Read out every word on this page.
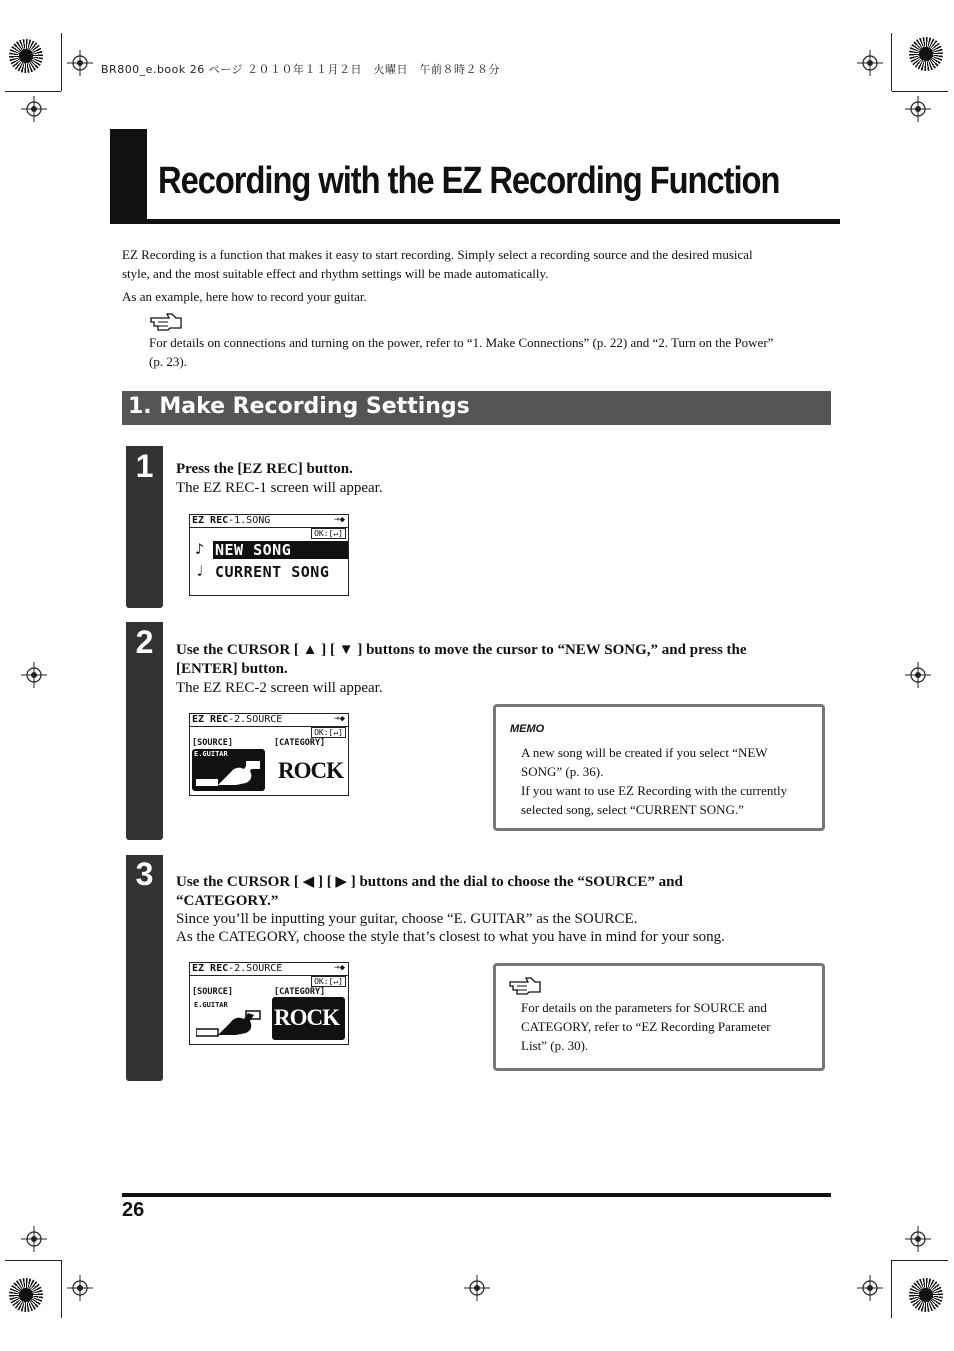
BR800_e.book 26 ページ ２０１０年１１月２日　火曜日　午前８時２８分
Recording with the EZ Recording Function
EZ Recording is a function that makes it easy to start recording. Simply select a recording source and the desired musical
style, and the most suitable effect and rhythm settings will be made automatically.
As an example, here how to record your guitar.
For details on connections and turning on the power, refer to “1. Make Connections” (p. 22) and “2. Turn on the Power”
(p. 23).
1. Make Recording Settings
1	Press the [EZ REC] button.
The EZ REC-1 screen will appear.
EZ REC-1.SONG	⊸◆
OK:[↵]
♪ NEW SONG
♩ CURRENT SONG
2	Use the CURSOR [ ▲ ] [ ▼ ] buttons to move the cursor to “NEW SONG,” and press the
[ENTER] button.
The EZ REC-2 screen will appear.
EZ REC-2.SOURCE	⊸◆
OK:[↵]
[SOURCE]	[CATEGORY]
E.GUITAR
ROCK
MEMO
A new song will be created if you select “NEW
SONG” (p. 36).
If you want to use EZ Recording with the currently
selected song, select “CURRENT SONG.”
3	Use the CURSOR [ ◀ ] [ ▶ ] buttons and the dial to choose the “SOURCE” and
“CATEGORY.”
Since you’ll be inputting your guitar, choose “E. GUITAR” as the SOURCE.
As the CATEGORY, choose the style that’s closest to what you have in mind for your song.
EZ REC-2.SOURCE	⊸◆
OK:[↵]
[SOURCE]	[CATEGORY]
E.GUITAR ROCK	For details on the parameters for SOURCE and
CATEGORY, refer to “EZ Recording Parameter
List” (p. 30).
26
